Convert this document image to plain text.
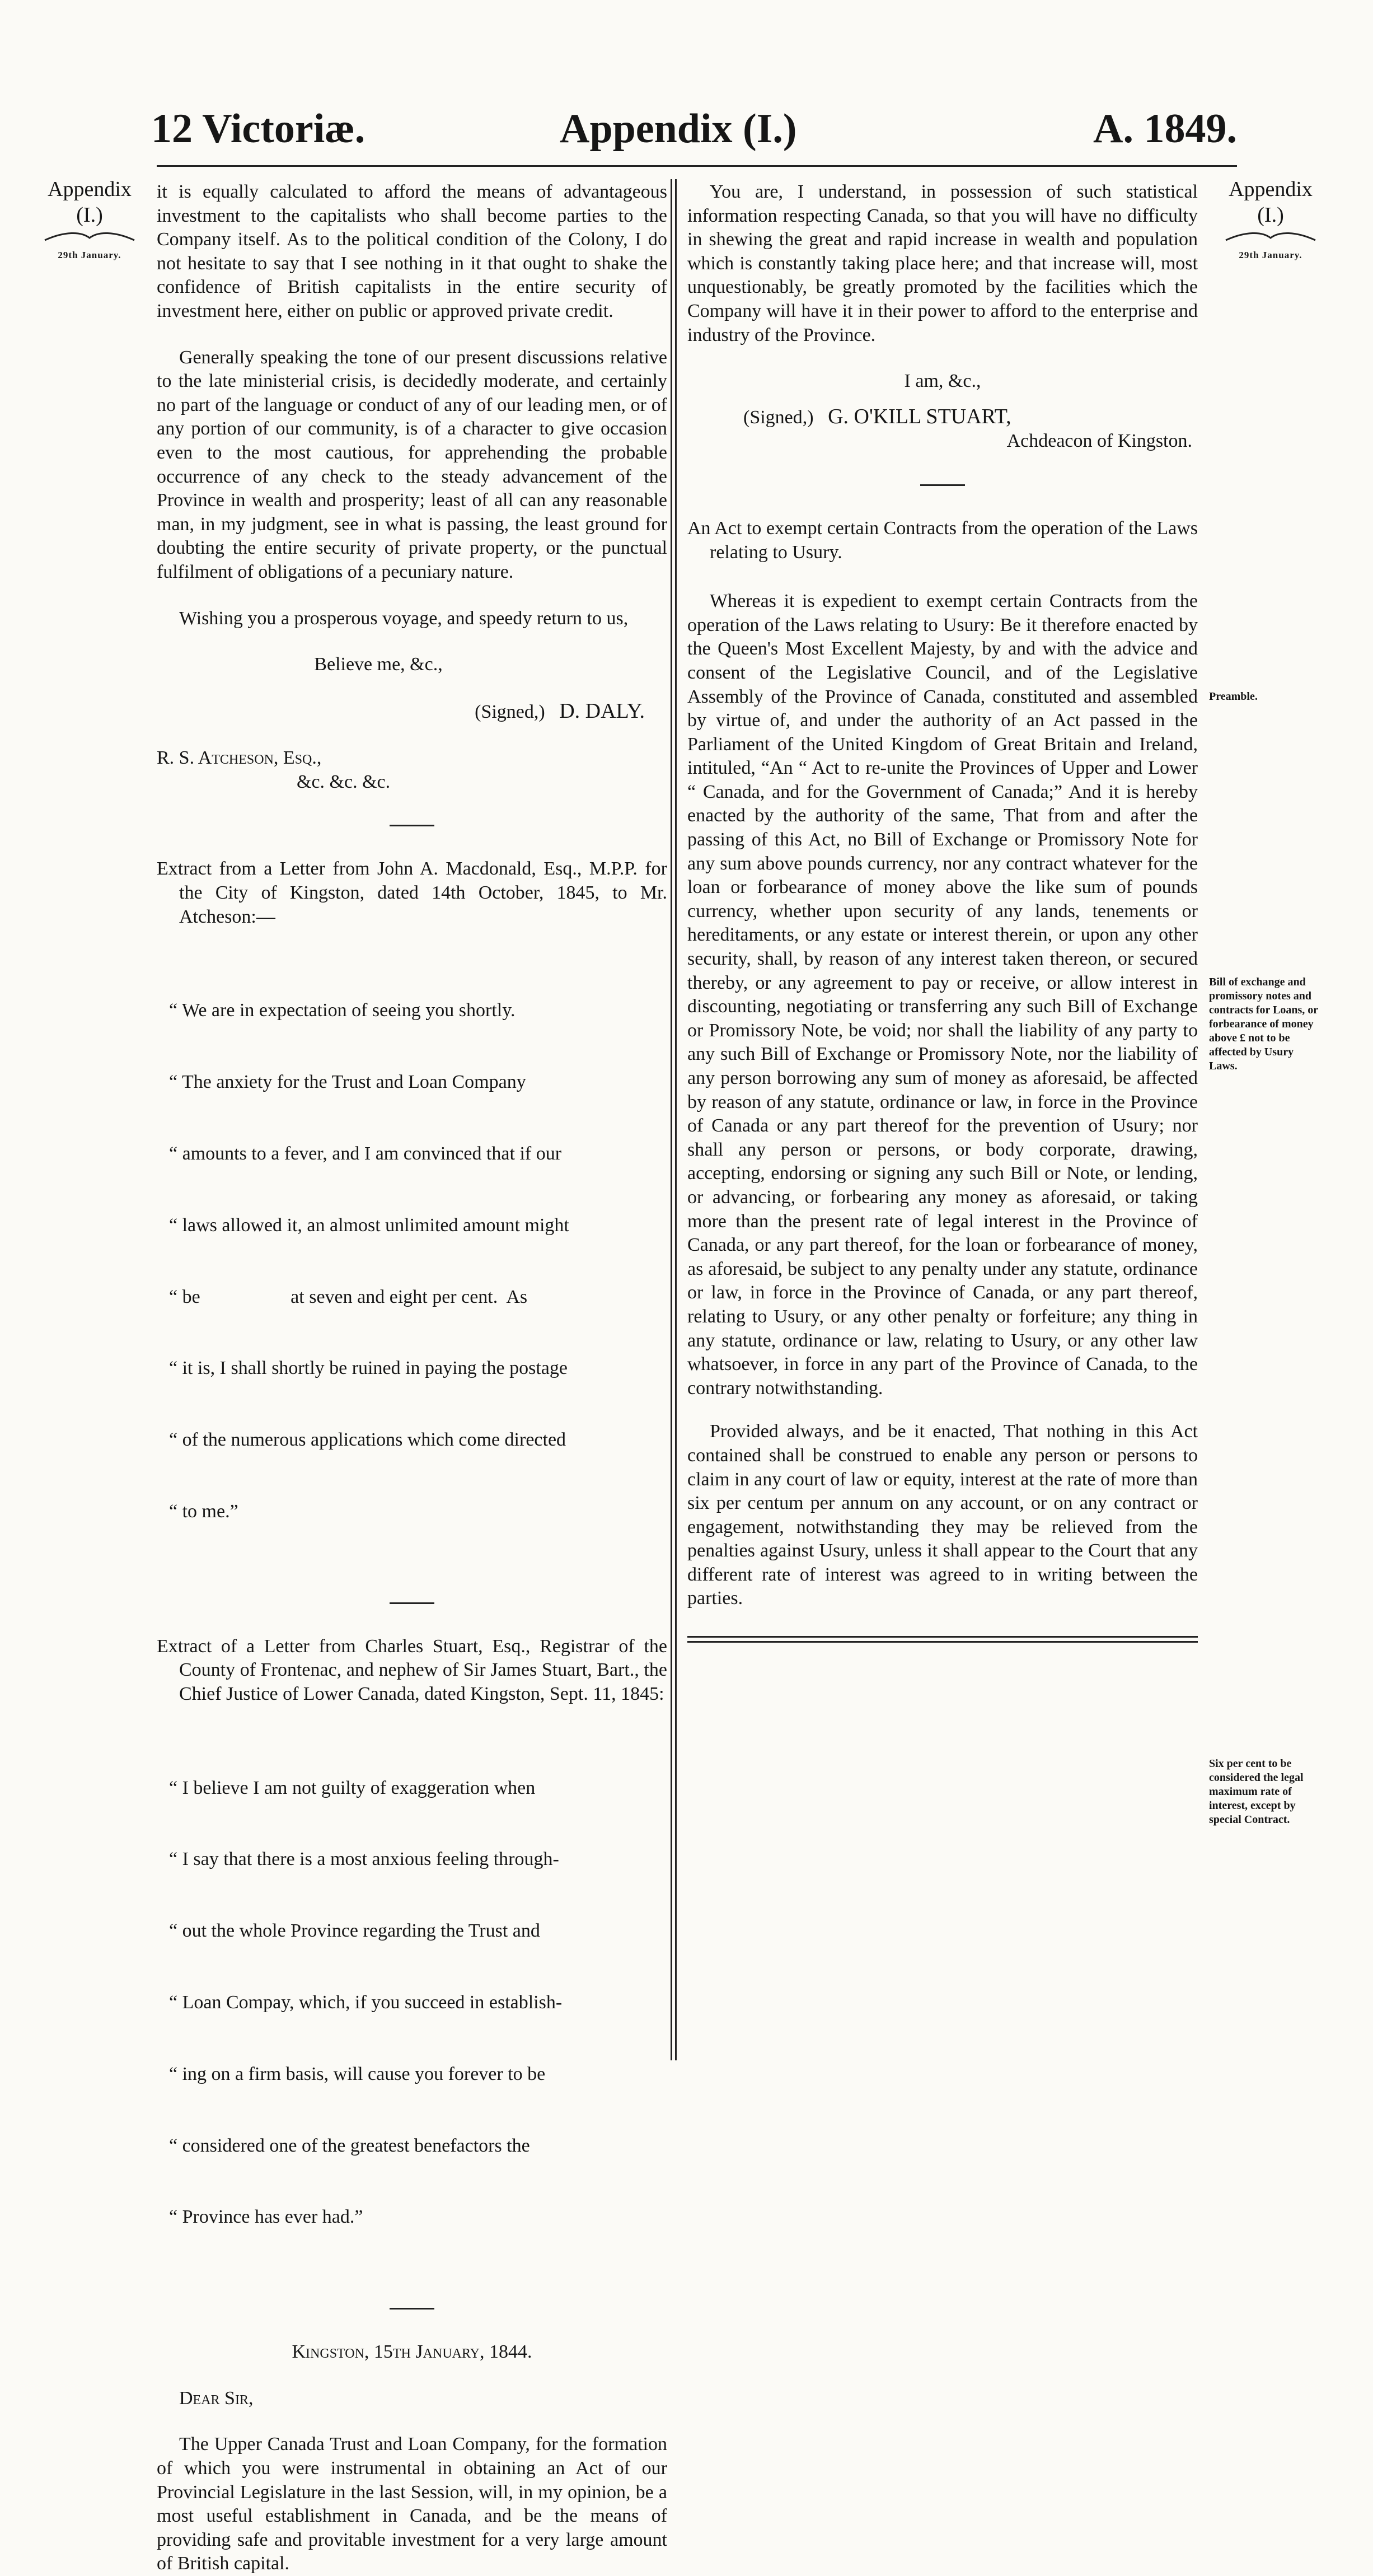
12 Victoriæ.	Appendix (I.)	A. 1849.
Appendix
(I.)
29th January.
Appendix
(I.)
29th January.
Preamble.
Bill of exchange and promissory notes and contracts for Loans, or forbearance of money above £ not to be affected by Usury Laws.
Six per cent to be considered the legal maximum rate of interest, except by special Contract.

it is equally calculated to afford the means of advantageous investment to the capitalists who shall become parties to the Company itself. As to the political condition of the Colony, I do not hesitate to say that I see nothing in it that ought to shake the confidence of British capitalists in the entire security of investment here, either on public or approved private credit.

Generally speaking the tone of our present discussions relative to the late ministerial crisis, is decidedly moderate, and certainly no part of the language or conduct of any of our leading men, or of any portion of our community, is of a character to give occasion even to the most cautious, for apprehending the probable occurrence of any check to the steady advancement of the Province in wealth and prosperity; least of all can any reasonable man, in my judgment, see in what is passing, the least ground for doubting the entire security of private property, or the punctual fulfilment of obligations of a pecuniary nature.

Wishing you a prosperous voyage, and speedy return to us,

Believe me, &c.,

(Signed,) D. DALY.

R. S. Atcheson, Esq.,

&c. &c. &c.

Extract from a Letter from John A. Macdonald, Esq., M.P.P. for the City of Kingston, dated 14th October, 1845, to Mr. Atcheson:—

“ We are in expectation of seeing you shortly.

“ The anxiety for the Trust and Loan Company

“ amounts to a fever, and I am convinced that if our

“ laws allowed it, an almost unlimited amount might

“ be                   at seven and eight per cent.  As

“ it is, I shall shortly be ruined in paying the postage

“ of the numerous applications which come directed

“ to me.”

Extract of a Letter from Charles Stuart, Esq., Registrar of the County of Frontenac, and nephew of Sir James Stuart, Bart., the Chief Justice of Lower Canada, dated Kingston, Sept. 11, 1845:

“ I believe I am not guilty of exaggeration when

“ I say that there is a most anxious feeling through-

“ out the whole Province regarding the Trust and

“ Loan Compay, which, if you succeed in establish-

“ ing on a firm basis, will cause you forever to be

“ considered one of the greatest benefactors the

“ Province has ever had.”

Kingston, 15th January, 1844.

Dear Sir,

The Upper Canada Trust and Loan Company, for the formation of which you were instrumental in obtaining an Act of our Provincial Legislature in the last Session, will, in my opinion, be a most useful establishment in Canada, and be the means of providing safe and provitable investment for a very large amount of British capital.

You are, I understand, in possession of such statistical information respecting Canada, so that you will have no difficulty in shewing the great and rapid increase in wealth and population which is constantly taking place here; and that increase will, most unquestionably, be greatly promoted by the facilities which the Company will have it in their power to afford to the enterprise and industry of the Province.

I am, &c.,

(Signed,) G. O'KILL STUART,

Achdeacon of Kingston.

An Act to exempt certain Contracts from the operation of the Laws relating to Usury.

Whereas it is expedient to exempt certain Contracts from the operation of the Laws relating to Usury: Be it therefore enacted by the Queen's Most Excellent Majesty, by and with the advice and consent of the Legislative Council, and of the Legislative Assembly of the Province of Canada, constituted and assembled by virtue of, and under the authority of an Act passed in the Parliament of the United Kingdom of Great Britain and Ireland, intituled, “An “ Act to re-unite the Provinces of Upper and Lower “ Canada, and for the Government of Canada;” And it is hereby enacted by the authority of the same, That from and after the passing of this Act, no Bill of Exchange or Promissory Note for any sum above pounds currency, nor any contract whatever for the loan or forbearance of money above the like sum of pounds currency, whether upon security of any lands, tenements or hereditaments, or any estate or interest therein, or upon any other security, shall, by reason of any interest taken thereon, or secured thereby, or any agreement to pay or receive, or allow interest in discounting, negotiating or transferring any such Bill of Exchange or Promissory Note, be void; nor shall the liability of any party to any such Bill of Exchange or Promissory Note, nor the liability of any person borrowing any sum of money as aforesaid, be affected by reason of any statute, ordinance or law, in force in the Province of Canada or any part thereof for the prevention of Usury; nor shall any person or persons, or body corporate, drawing, accepting, endorsing or signing any such Bill or Note, or lending, or advancing, or forbearing any money as aforesaid, or taking more than the present rate of legal interest in the Province of Canada, or any part thereof, for the loan or forbearance of money, as aforesaid, be subject to any penalty under any statute, ordinance or law, in force in the Province of Canada, or any part thereof, relating to Usury, or any other penalty or forfeiture; any thing in any statute, ordinance or law, relating to Usury, or any other law whatsoever, in force in any part of the Province of Canada, to the contrary notwithstanding.

Provided always, and be it enacted, That nothing in this Act contained shall be construed to enable any person or persons to claim in any court of law or equity, interest at the rate of more than six per centum per annum on any account, or on any contract or engagement, notwithstanding they may be relieved from the penalties against Usury, unless it shall appear to the Court that any different rate of interest was agreed to in writing between the parties.
